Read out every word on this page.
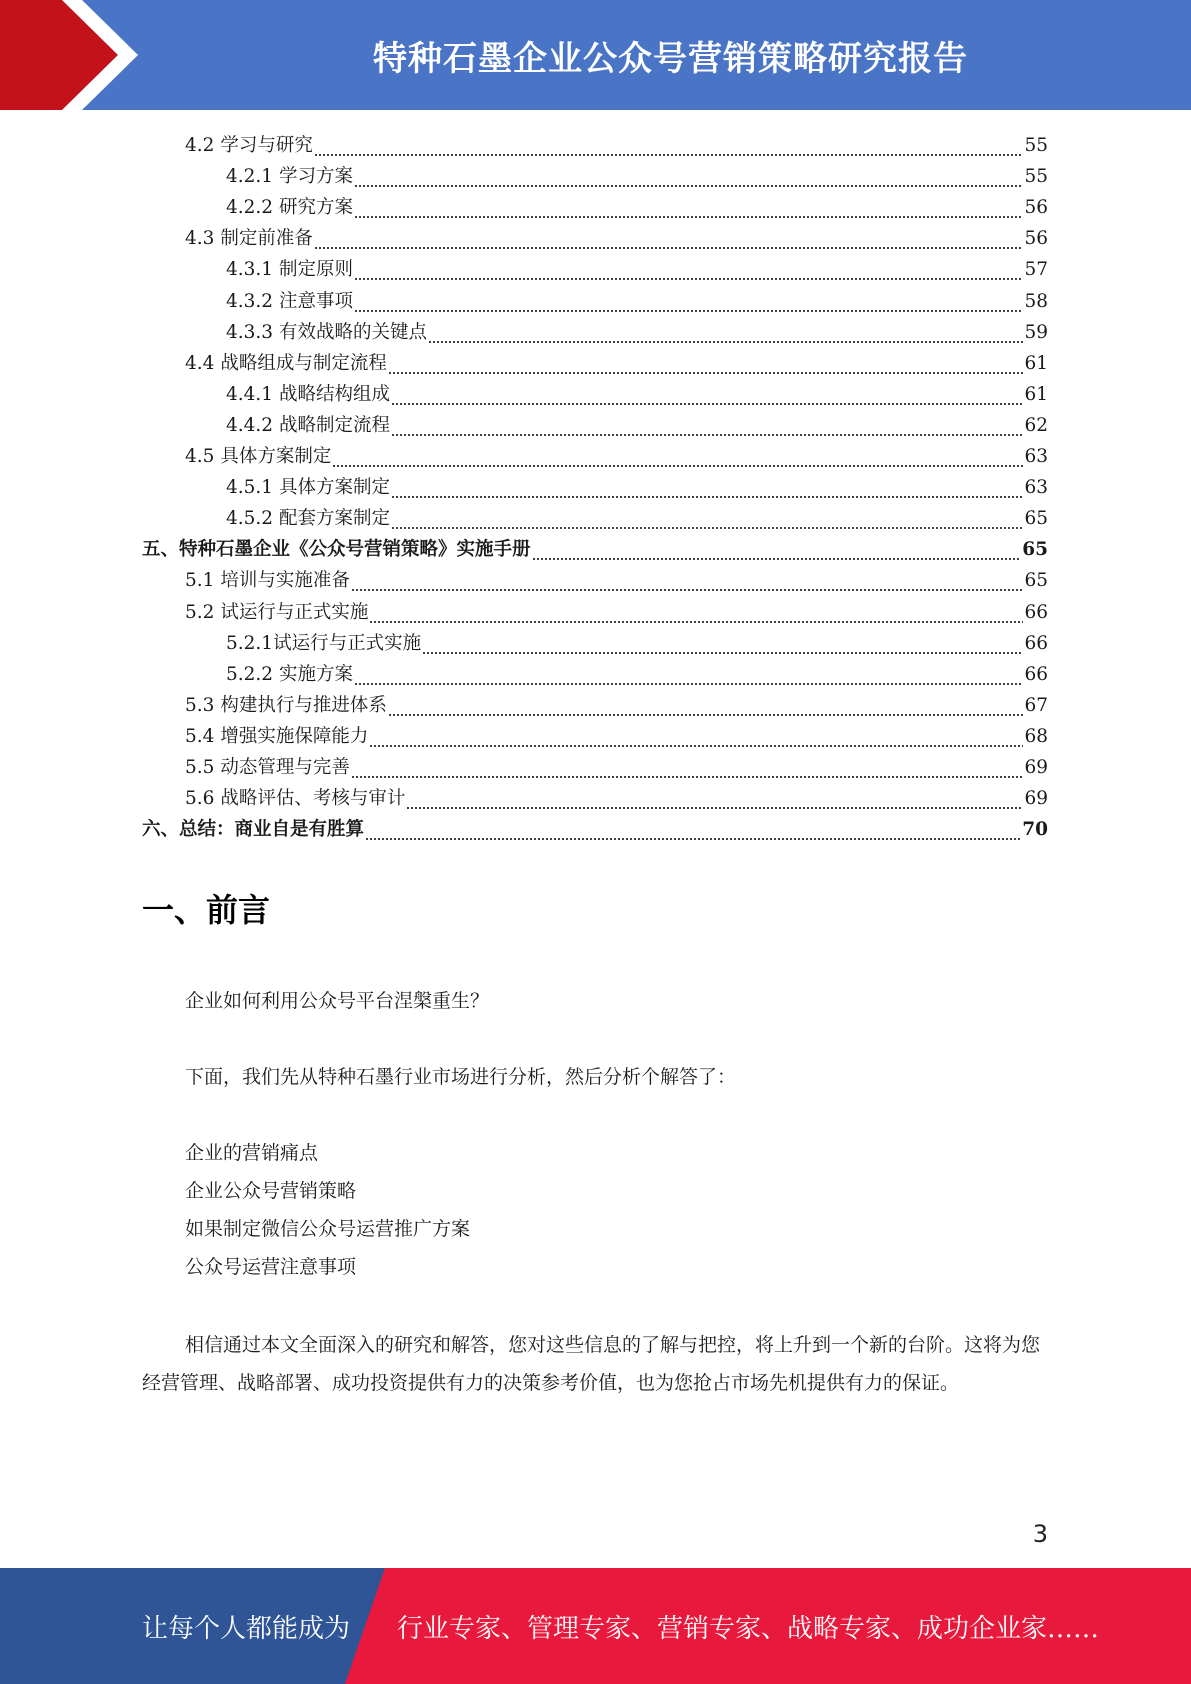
特种石墨企业公众号营销策略研究报告
4.2 学习与研究	55
4.2.1 学习方案	55
4.2.2 研究方案	56
4.3 制定前准备	56
4.3.1 制定原则	57
4.3.2 注意事项	58
4.3.3 有效战略的关键点	59
4.4 战略组成与制定流程	61
4.4.1 战略结构组成	61
4.4.2 战略制定流程	62
4.5 具体方案制定	63
4.5.1 具体方案制定	63
4.5.2 配套方案制定	65
五、特种石墨企业《公众号营销策略》实施手册	65
5.1 培训与实施准备	65
5.2 试运行与正式实施	66
5.2.1 试运行与正式实施	66
5.2.2 实施方案	66
5.3 构建执行与推进体系	67
5.4 增强实施保障能力	68
5.5 动态管理与完善	69
5.6 战略评估、考核与审计	69
六、总结：商业自是有胜算	70
一、前言
企业如何利用公众号平台涅槃重生？
下面，我们先从特种石墨行业市场进行分析，然后分析个解答了：
企业的营销痛点
企业公众号营销策略
如果制定微信公众号运营推广方案
公众号运营注意事项
相信通过本文全面深入的研究和解答，您对这些信息的了解与把控，将上升到一个新的台阶。这将为您经营管理、战略部署、成功投资提供有力的决策参考价值，也为您抢占市场先机提供有力的保证。
3
让每个人都能成为 行业专家、管理专家、营销专家、战略专家、成功企业家……
